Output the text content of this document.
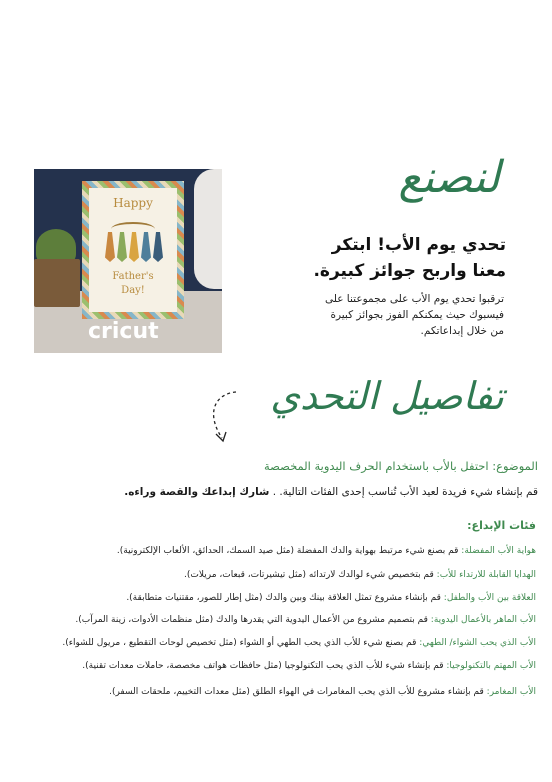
Happy
Father's
Day!
cricut
لنصنع
تحدي يوم الأب! ابتكر
معنا واربح جوائز كبيرة.
ترقبوا تحدي يوم الأب على مجموعتنا على
فيسبوك حيث يمكنكم الفوز بجوائز كبيرة
من خلال إبداعاتكم.
تفاصيل التحدي
الموضوع: احتفل بالأب باستخدام الحرف اليدوية المخصصة
قم بإنشاء شيء فريدة لعيد الأب تُناسب إحدى الفئات التالية. . شارك إبداعك والقصة وراءه.
فئات الإبداع:
هواية الأب المفضلة: قم بصنع شيء مرتبط بهواية والدك المفضلة (مثل صيد السمك، الحدائق، الألعاب الإلكترونية).
الهدايا القابلة للارتداء للأب: قم بتخصيص شيء لوالدك لارتدائه (مثل تيشيرتات، قبعات، مريلات).
العلاقة بين الأب والطفل: قم بإنشاء مشروع تمثل العلاقة بينك وبين والدك (مثل إطار للصور، مقتنيات متطابقة).
الأب الماهر بالأعمال اليدوية: قم بتصميم مشروع من الأعمال اليدوية التي يقدرها والدك (مثل منظمات الأدوات، زينة المرآب).
الأب الذي يحب الشواء/ الطهي: قم بصنع شيء للأب الذي يحب الطهي أو الشواء (مثل تخصيص لوحات التقطيع ، مريول للشواء).
الأب المهتم بالتكنولوجيا: قم بإنشاء شيء للأب الذي يحب التكنولوجيا (مثل حافظات هواتف مخصصة، حاملات معدات تقنية).
الأب المغامر: قم بإنشاء مشروع للأب الذي يحب المغامرات في الهواء الطلق (مثل معدات التخييم، ملحقات السفر).
